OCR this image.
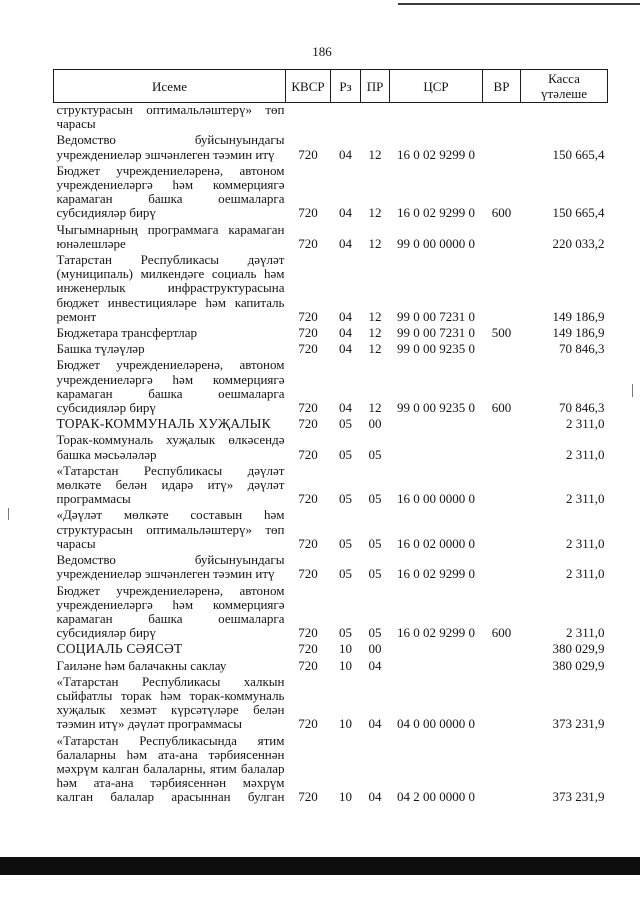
186
Исеме	КВСР	Рз	ПР	ЦСР	ВР	Касса
үтәлеше

структурасын оптимальләштерү» төп
чарасы						

Ведомство буйсынуындагы
учреждениеләр эшчәнлеген тәэмин итү	720	04	12	16 0 02 9299 0		150 665,4

Бюджет учреждениеләренә, автоном
учреждениеләргә һәм коммерциягә
карамаган башка оешмаларга
субсидияләр бирү	720	04	12	16 0 02 9299 0	600	150 665,4

Чыгымнарның программага карамаган
юнәлешләре	720	04	12	99 0 00 0000 0		220 033,2

Татарстан Республикасы дәүләт
(муниципаль) милкендәге социаль һәм
инженерлык инфраструктурасына
бюджет инвестицияләре һәм капиталь
ремонт	720	04	12	99 0 00 7231 0		149 186,9

Бюджетара трансфертлар	720	04	12	99 0 00 7231 0	500	149 186,9

Башка түләүләр	720	04	12	99 0 00 9235 0		70 846,3

Бюджет учреждениеләренә, автоном
учреждениеләргә һәм коммерциягә
карамаган башка оешмаларга
субсидияләр бирү	720	04	12	99 0 00 9235 0	600	70 846,3

ТОРАК-КОММУНАЛЬ ХУҖАЛЫК	720	05	00			2 311,0

Торак-коммуналь хуҗалык өлкәсендә
башка мәсьәләләр	720	05	05			2 311,0

«Татарстан Республикасы дәүләт
мөлкәте белән идарә итү» дәүләт
программасы	720	05	05	16 0 00 0000 0		2 311,0

«Дәүләт мөлкәте составын һәм
структурасын оптимальләштерү» төп
чарасы	720	05	05	16 0 02 0000 0		2 311,0

Ведомство буйсынуындагы
учреждениеләр эшчәнлеген тәэмин итү	720	05	05	16 0 02 9299 0		2 311,0

Бюджет учреждениеләренә, автоном
учреждениеләргә һәм коммерциягә
карамаган башка оешмаларга
субсидияләр бирү	720	05	05	16 0 02 9299 0	600	2 311,0

СОЦИАЛЬ СӘЯСӘТ	720	10	00			380 029,9

Гаиләне һәм балачакны саклау	720	10	04			380 029,9

«Татарстан Республикасы халкын
сыйфатлы торак һәм торак-коммуналь
хуҗалык хезмәт күрсәтүләре белән
тәэмин итү» дәүләт программасы	720	10	04	04 0 00 0000 0		373 231,9

«Татарстан Республикасында ятим
балаларны һәм ата-ана тәрбиясеннән
мәхрүм калган балаларны, ятим балалар
һәм ата-ана тәрбиясеннән мәхрүм
калган балалар арасыннан булган	720	10	04	04 2 00 0000 0		373 231,9
